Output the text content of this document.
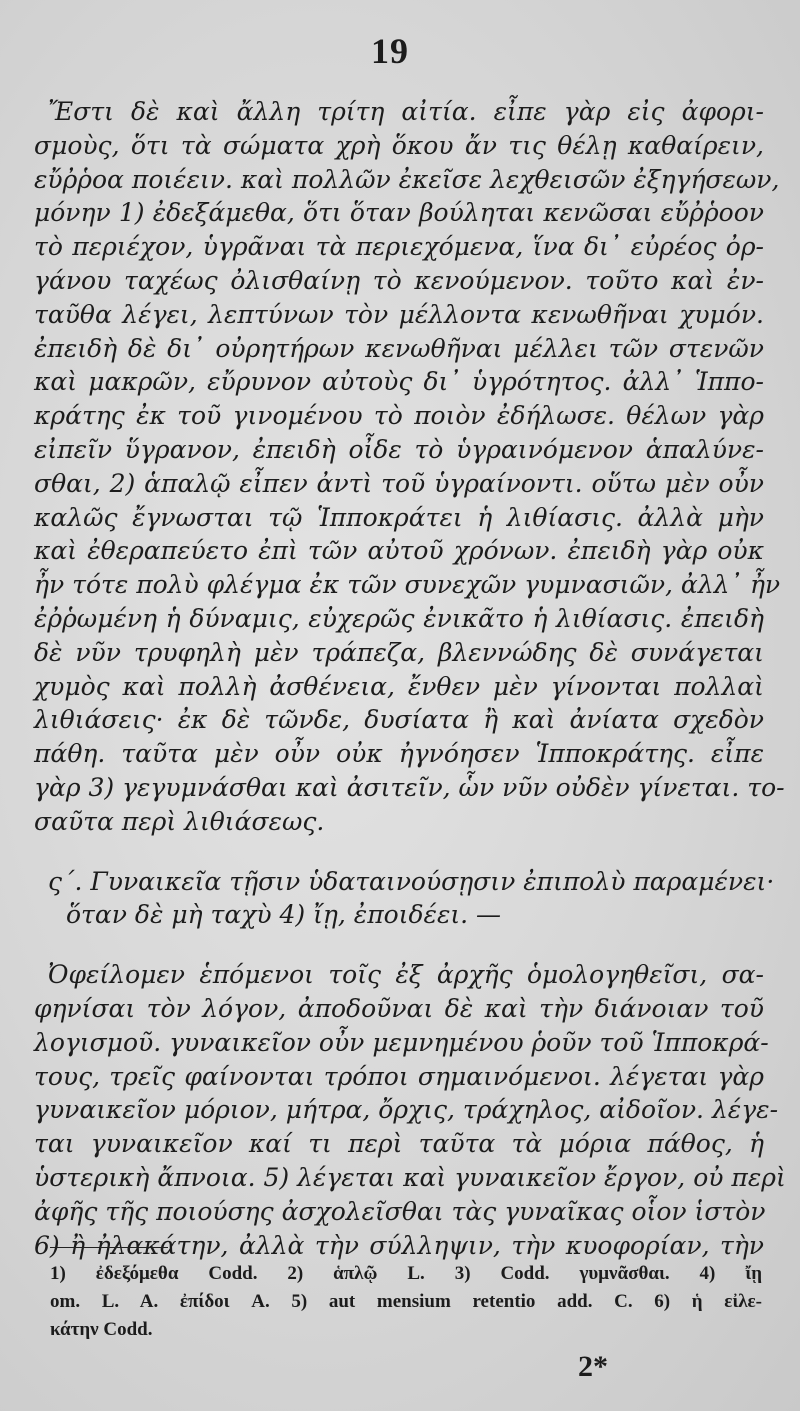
19
Ἔστι δὲ καὶ ἄλλη τρίτη αἰτία. εἶπε γὰρ εἰς ἀφορι-
σμοὺς, ὅτι τὰ σώματα χρὴ ὅκου ἄν τις θέλῃ καθαίρειν,
εὔῤῥοα ποιέειν. καὶ πολλῶν ἐκεῖσε λεχθεισῶν ἐξηγήσεων,
μόνην 1) ἐδεξάμεθα, ὅτι ὅταν βούληται κενῶσαι εὔῤῥοον
τὸ περιέχον, ὑγρᾶναι τὰ περιεχόμενα, ἵνα δι᾽ εὐρέος ὀρ-
γάνου ταχέως ὀλισθαίνῃ τὸ κενούμενον. τοῦτο καὶ ἐν-
ταῦθα λέγει, λεπτύνων τὸν μέλλοντα κενωθῆναι χυμόν.
ἐπειδὴ δὲ δι᾽ οὐρητήρων κενωθῆναι μέλλει τῶν στενῶν
καὶ μακρῶν, εὔρυνον αὐτοὺς δι᾽ ὑγρότητος. ἀλλ᾽ Ἱππο-
κράτης ἐκ τοῦ γινομένου τὸ ποιὸν ἐδήλωσε. θέλων γὰρ
εἰπεῖν ὕγρανον, ἐπειδὴ οἶδε τὸ ὑγραινόμενον ἁπαλύνε-
σθαι, 2) ἁπαλῷ εἶπεν ἀντὶ τοῦ ὑγραίνοντι. οὕτω μὲν οὖν
καλῶς ἔγνωσται τῷ Ἱπποκράτει ἡ λιθίασις. ἀλλὰ μὴν
καὶ ἐθεραπεύετο ἐπὶ τῶν αὐτοῦ χρόνων. ἐπειδὴ γὰρ οὐκ
ἦν τότε πολὺ φλέγμα ἐκ τῶν συνεχῶν γυμνασιῶν, ἀλλ᾽ ἦν
ἐῤῥωμένη ἡ δύναμις, εὐχερῶς ἐνικᾶτο ἡ λιθίασις. ἐπειδὴ
δὲ νῦν τρυφηλὴ μὲν τράπεζα, βλεννώδης δὲ συνάγεται
χυμὸς καὶ πολλὴ ἀσθένεια, ἔνθεν μὲν γίνονται πολλαὶ
λιθιάσεις· ἐκ δὲ τῶνδε, δυσίατα ἢ καὶ ἀνίατα σχεδὸν
πάθη. ταῦτα μὲν οὖν οὐκ ἠγνόησεν Ἱπποκράτης. εἶπε
γὰρ 3) γεγυμνάσθαι καὶ ἀσιτεῖν, ὧν νῦν οὐδὲν γίνεται. το-
σαῦτα περὶ λιθιάσεως.
ς΄. Γυναικεῖα τῇσιν ὑδαταινούσῃσιν ἐπιπολὺ παραμένει·
ὅταν δὲ μὴ ταχὺ 4) ἴῃ, ἐποιδέει. —
Ὀφείλομεν ἑπόμενοι τοῖς ἐξ ἀρχῆς ὁμολογηθεῖσι, σα-
φηνίσαι τὸν λόγον, ἀποδοῦναι δὲ καὶ τὴν διάνοιαν τοῦ
λογισμοῦ. γυναικεῖον οὖν μεμνημένου ῥοῦν τοῦ Ἱπποκρά-
τους, τρεῖς φαίνονται τρόποι σημαινόμενοι. λέγεται γὰρ
γυναικεῖον μόριον, μήτρα, ὄρχις, τράχηλος, αἰδοῖον. λέγε-
ται γυναικεῖον καί τι περὶ ταῦτα τὰ μόρια πάθος, ἡ
ὑστερικὴ ἄπνοια. 5) λέγεται καὶ γυναικεῖον ἔργον, οὐ περὶ
ἀφῆς τῆς ποιούσης ἀσχολεῖσθαι τὰς γυναῖκας οἷον ἱστὸν
6) ἢ ἠλακάτην, ἀλλὰ τὴν σύλληψιν, τὴν κυοφορίαν, τὴν
1) ἐδεξόμεθα Codd. 2) ἁπλῷ L. 3) Codd. γυμνᾶσθαι. 4) ἴῃ
om. L. A. ἐπίδοι A. 5) aut mensium retentio add. C. 6) ἡ εἰλε-
κάτην Codd.
2*
